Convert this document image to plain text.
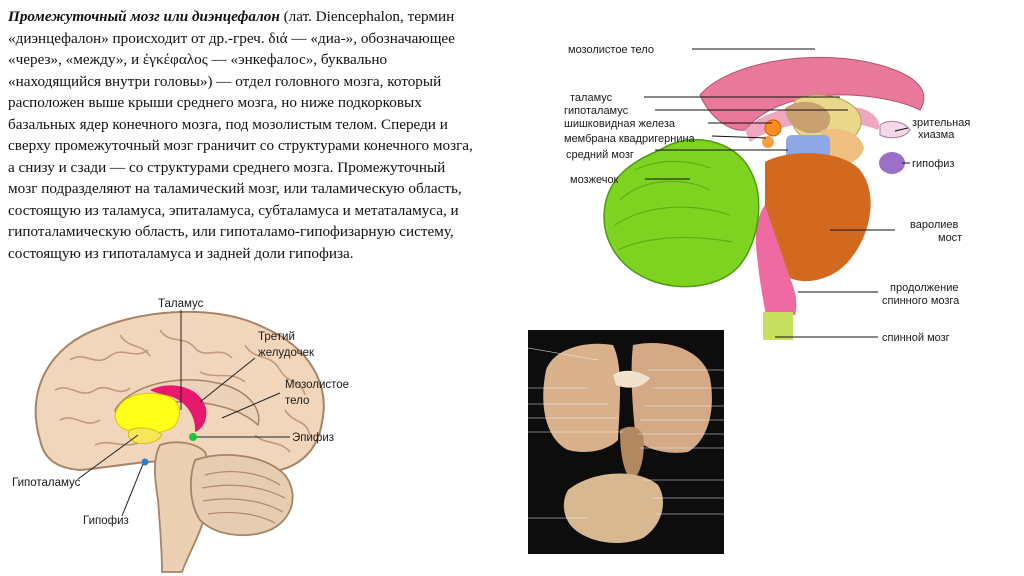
Промежуточный мозг или диэнцефалон (лат. Diencephalon, термин «диэнцефалон» происходит от др.-греч. διά — «диа-», обозначающее «через», «между», и ἐγκέφαλος — «энкефалос», буквально «находящийся внутри головы») — отдел головного мозга, который расположен выше крыши среднего мозга, но ниже подкорковых базальных ядер конечного мозга, под мозолистым телом. Спереди и сверху промежуточный мозг граничит со структурами конечного мозга, а снизу и сзади — со структурами среднего мозга. Промежуточный мозг подразделяют на таламический мозг, или таламическую область, состоящую из таламуса, эпиталамуса, субталамуса и метаталамуса, и гипоталамическую область, или гипоталамо-гипофизарную систему, состоящую из гипоталамуса и задней доли гипофиза.
Таламус
Третий
желудочек
Мозолистое
тело
Эпифиз
Гипоталамус
Гипофиз
мозолистое тело
таламус
гипоталамус
шишковидная железа
мембрана квадригернина
средний мозг
мозжечок
зрительная
хиазма
гипофиз
варолиев
мост
продолжение
спинного мозга
спинной мозг
